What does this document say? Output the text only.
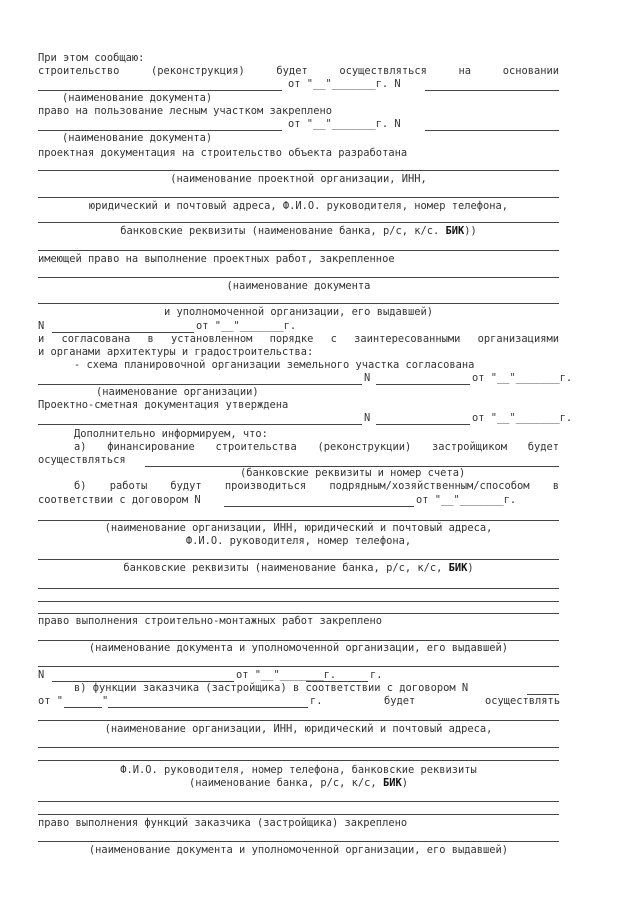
При этом сообщаю:
строительство	(реконструкция)	будет	осуществляться	на	основании
от "__"_______г. N
(наименование документа)
право на пользование лесным участком закреплено
от "__"_______г. N
(наименование документа)
проектная документация на строительство объекта разработана
(наименование проектной организации, ИНН,
юридический и почтовый адреса, Ф.И.О. руководителя, номер телефона,
банковские реквизиты (наименование банка, р/с, к/с. БИК))
имеющей право на выполнение проектных работ, закрепленное
(наименование документа
и уполномоченной организации, его выдавшей)
N	от "__"_______г.
и согласована в установленном порядке с заинтересованными организациями
и органами архитектуры и градостроительства:
- схема планировочной организации земельного участка согласована
N	от "__"_______г.
(наименование организации)
Проектно-сметная документация утверждена
N	от "__"_______г.
Дополнительно информируем, что:
а) финансирование строительства (реконструкции) застройщиком будет
осуществляться
(банковские реквизиты и номер счета)
б) работы будут производиться подрядным/хозяйственным/способом в
соответствии с договором N	от "__"_______г.
(наименование организации, ИНН, юридический и почтовый адреса,
Ф.И.О. руководителя, номер телефона,
банковские реквизиты (наименование банка, р/с, к/с, БИК)
право выполнения строительно-монтажных работ закреплено
(наименование документа и уполномоченной организации, его выдавшей)
N	от "__"_______г.	г.
в) функции заказчика (застройщика) в соответствии с договором N
от "	"	г.	будет	осуществлять
(наименование организации, ИНН, юридический и почтовый адреса,
Ф.И.О. руководителя, номер телефона, банковские реквизиты
(наименование банка, р/с, к/с, БИК)
право выполнения функций заказчика (застройщика) закреплено
(наименование документа и уполномоченной организации, его выдавшей)
